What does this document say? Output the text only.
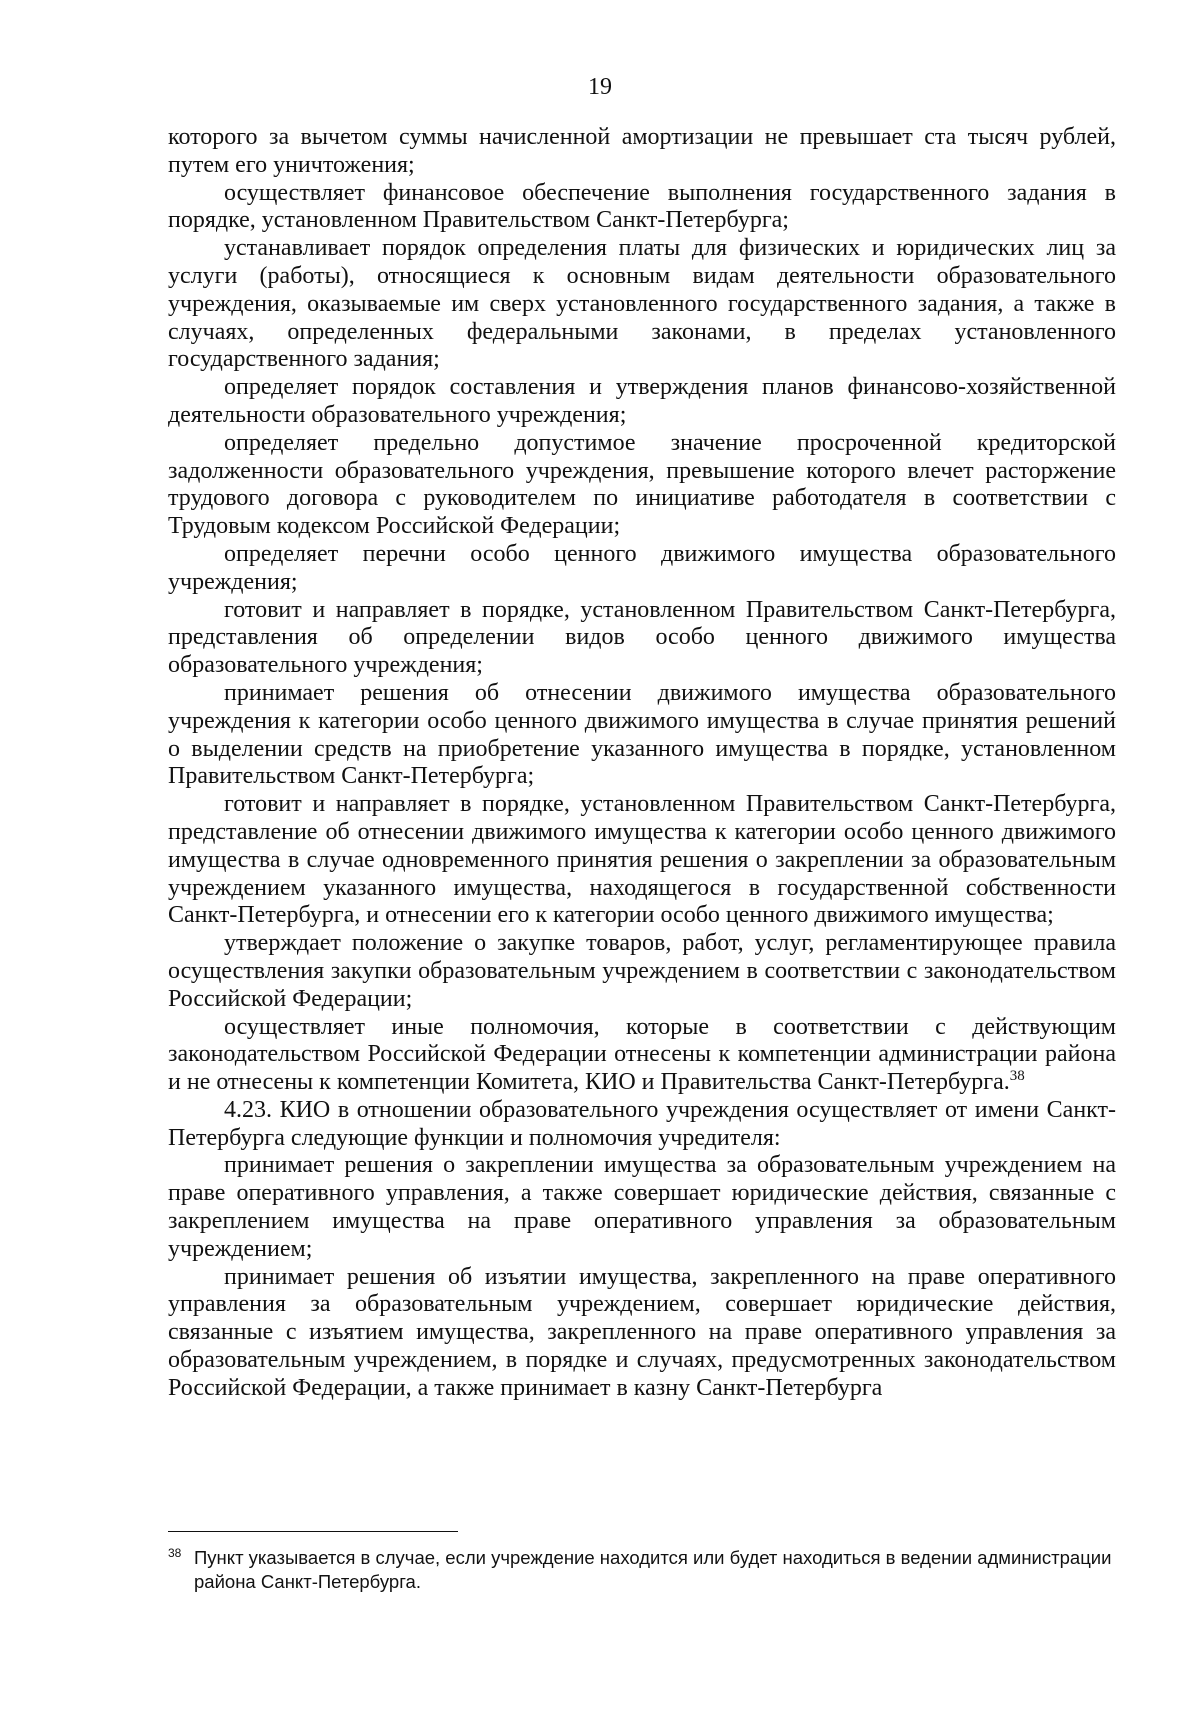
19

которого за вычетом суммы начисленной амортизации не превышает ста тысяч рублей, путем его уничтожения;

осуществляет финансовое обеспечение выполнения государственного задания в порядке, установленном Правительством Санкт-Петербурга;

устанавливает порядок определения платы для физических и юридических лиц за услуги (работы), относящиеся к основным видам деятельности образовательного учреждения, оказываемые им сверх установленного государственного задания, а также в случаях, определенных федеральными законами, в пределах установленного государственного задания;

определяет порядок составления и утверждения планов финансово-хозяйственной деятельности образовательного учреждения;

определяет предельно допустимое значение просроченной кредиторской задолженности образовательного учреждения, превышение которого влечет расторжение трудового договора с руководителем по инициативе работодателя в соответствии с Трудовым кодексом Российской Федерации;

определяет перечни особо ценного движимого имущества образовательного учреждения;

готовит и направляет в порядке, установленном Правительством Санкт-Петербурга, представления об определении видов особо ценного движимого имущества образовательного учреждения;

принимает решения об отнесении движимого имущества образовательного учреждения к категории особо ценного движимого имущества в случае принятия решений о выделении средств на приобретение указанного имущества в порядке, установленном Правительством Санкт-Петербурга;

готовит и направляет в порядке, установленном Правительством Санкт-Петербурга, представление об отнесении движимого имущества к категории особо ценного движимого имущества в случае одновременного принятия решения о закреплении за образовательным учреждением указанного имущества, находящегося в государственной собственности Санкт-Петербурга, и отнесении его к категории особо ценного движимого имущества;

утверждает положение о закупке товаров, работ, услуг, регламентирующее правила осуществления закупки образовательным учреждением в соответствии с законодательством Российской Федерации;

осуществляет иные полномочия, которые в соответствии с действующим законодательством Российской Федерации отнесены к компетенции администрации района и не отнесены к компетенции Комитета, КИО и Правительства Санкт-Петербурга.$^{38}$

4.23. КИО в отношении образовательного учреждения осуществляет от имени Санкт-Петербурга следующие функции и полномочия учредителя:

принимает решения о закреплении имущества за образовательным учреждением на праве оперативного управления, а также совершает юридические действия, связанные с закреплением имущества на праве оперативного управления за образовательным учреждением;

принимает решения об изъятии имущества, закрепленного на праве оперативного управления за образовательным учреждением, совершает юридические действия, связанные с изъятием имущества, закрепленного на праве оперативного управления за образовательным учреждением, в порядке и случаях, предусмотренных законодательством Российской Федерации, а также принимает в казну Санкт-Петербурга

38 Пункт указывается в случае, если учреждение находится или будет находиться в ведении администрации района Санкт-Петербурга.
